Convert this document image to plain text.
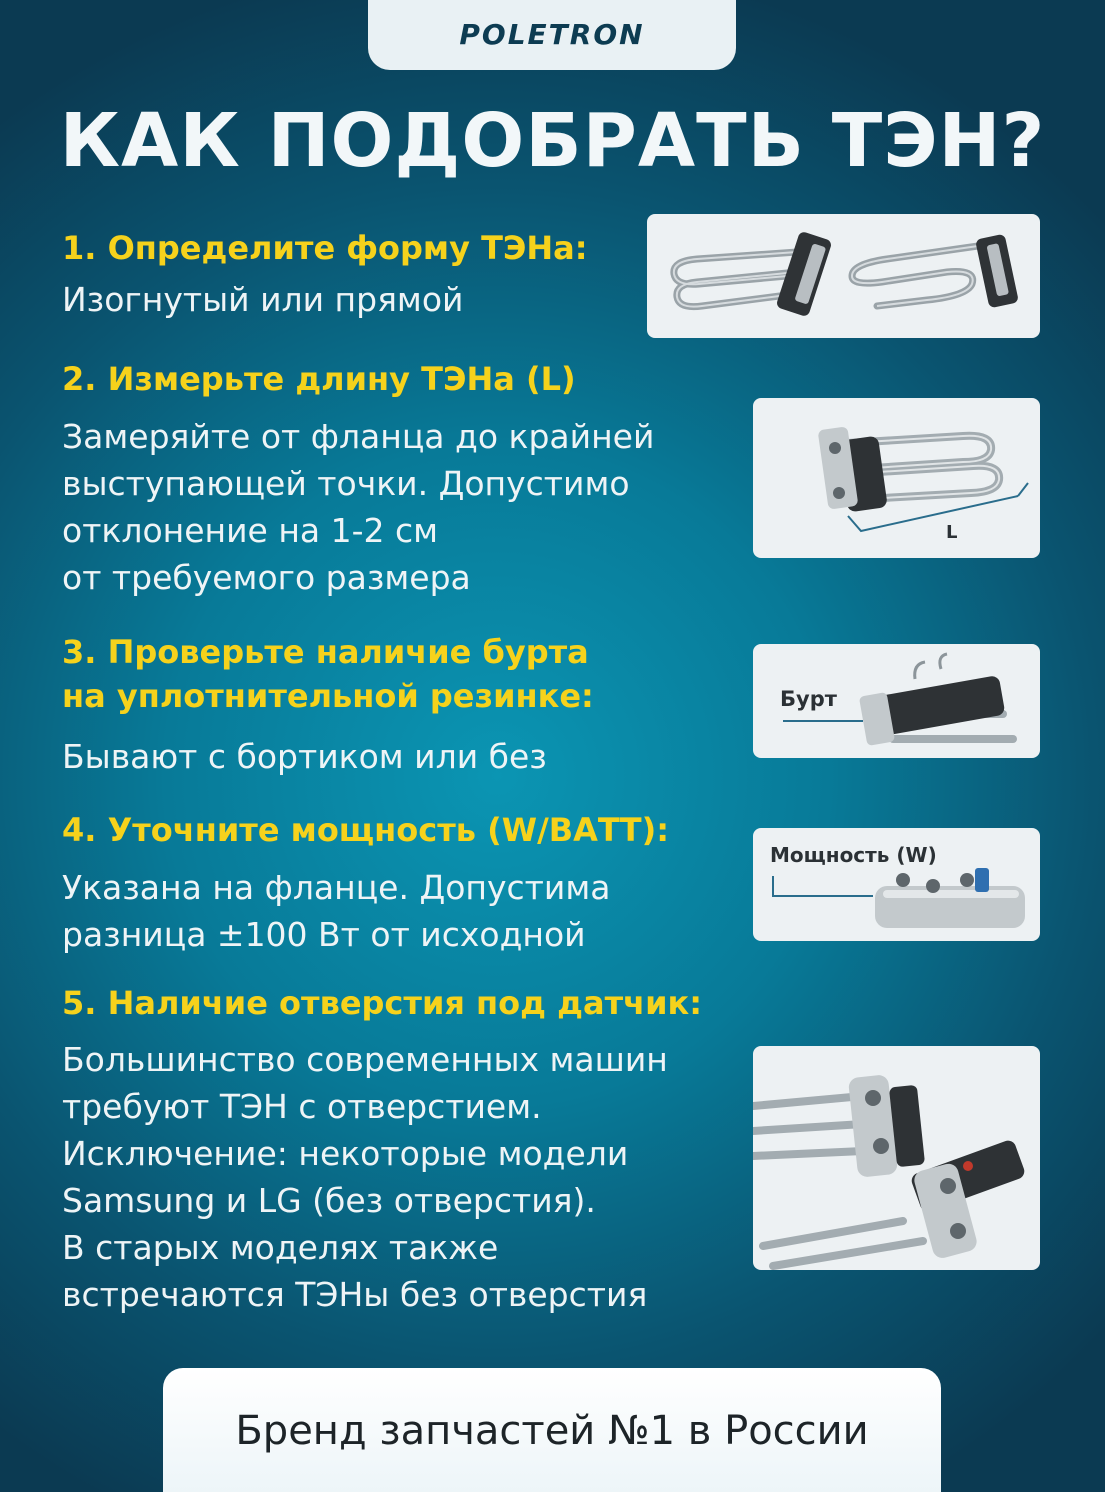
POLETRON
КАК ПОДОБРАТЬ ТЭН?
1. Определите форму ТЭНа:

Изогнутый или прямой

2. Измерьте длину ТЭНа (L)

Замеряйте от фланца до крайней
выступающей точки. Допустимо
отклонение на 1-2 см
от требуемого размера

L
3. Проверьте наличие бурта
на уплотнительной резинке:

Бывают с бортиком или без

Бурт
4. Уточните мощность (W/ВАТТ):

Указана на фланце. Допустима
разница ±100 Вт от исходной

Мощность (W)
5. Наличие отверстия под датчик:

Большинство современных машин
требуют ТЭН с отверстием.
Исключение: некоторые модели
Samsung и LG (без отверстия).
В старых моделях также
встречаются ТЭНы без отверстия

Бренд запчастей №1 в России
